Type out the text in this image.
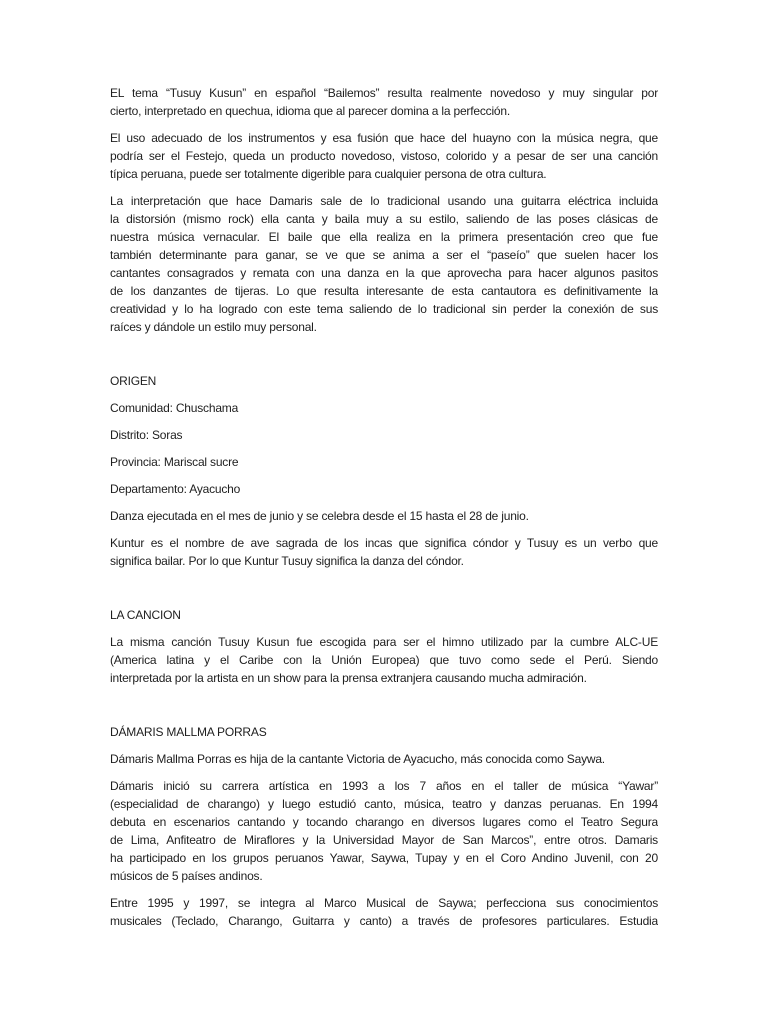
EL tema “Tusuy Kusun” en español “Bailemos” resulta realmente novedoso y muy singular por
cierto, interpretado en quechua, idioma que al parecer domina a la perfección.
El uso adecuado de los instrumentos y esa fusión que hace del huayno con la música negra, que
podría ser el Festejo, queda un producto novedoso, vistoso, colorido y a pesar de ser una canción
típica peruana, puede ser totalmente digerible para cualquier persona de otra cultura.
La interpretación que hace Damaris sale de lo tradicional usando una guitarra eléctrica incluida
la distorsión (mismo rock) ella canta y baila muy a su estilo, saliendo de las poses clásicas de
nuestra música vernacular. El baile que ella realiza en la primera presentación creo que fue
también determinante para ganar, se ve que se anima a ser el “paseío” que suelen hacer los
cantantes consagrados y remata con una danza en la que aprovecha para hacer algunos pasitos
de los danzantes de tijeras. Lo que resulta interesante de esta cantautora es definitivamente la
creatividad y lo ha logrado con este tema saliendo de lo tradicional sin perder la conexión de sus
raíces y dándole un estilo muy personal.
ORIGEN
Comunidad: Chuschama
Distrito: Soras
Provincia: Mariscal sucre
Departamento: Ayacucho
Danza ejecutada en el mes de junio y se celebra desde el 15 hasta el 28 de junio.
Kuntur es el nombre de ave sagrada de los incas que significa cóndor y Tusuy es un verbo que
significa bailar. Por lo que Kuntur Tusuy significa la danza del cóndor.
LA CANCION
La misma canción Tusuy Kusun fue escogida para ser el himno utilizado par la cumbre ALC-UE
(America latina y el Caribe con la Unión Europea) que tuvo como sede el Perú. Siendo
interpretada por la artista en un show para la prensa extranjera causando mucha admiración.
DÁMARIS MALLMA PORRAS
Dámaris Mallma Porras es hija de la cantante Victoria de Ayacucho, más conocida como Saywa.
Dámaris inició su carrera artística en 1993 a los 7 años en el taller de música “Yawar”
(especialidad de charango) y luego estudió canto, música, teatro y danzas peruanas. En 1994
debuta en escenarios cantando y tocando charango en diversos lugares como el Teatro Segura
de Lima, Anfiteatro de Miraflores y la Universidad Mayor de San Marcos”, entre otros. Damaris
ha participado en los grupos peruanos Yawar, Saywa, Tupay y en el Coro Andino Juvenil, con 20
músicos de 5 países andinos.
Entre 1995 y 1997, se integra al Marco Musical de Saywa; perfecciona sus conocimientos
musicales (Teclado, Charango, Guitarra y canto) a través de profesores particulares. Estudia
